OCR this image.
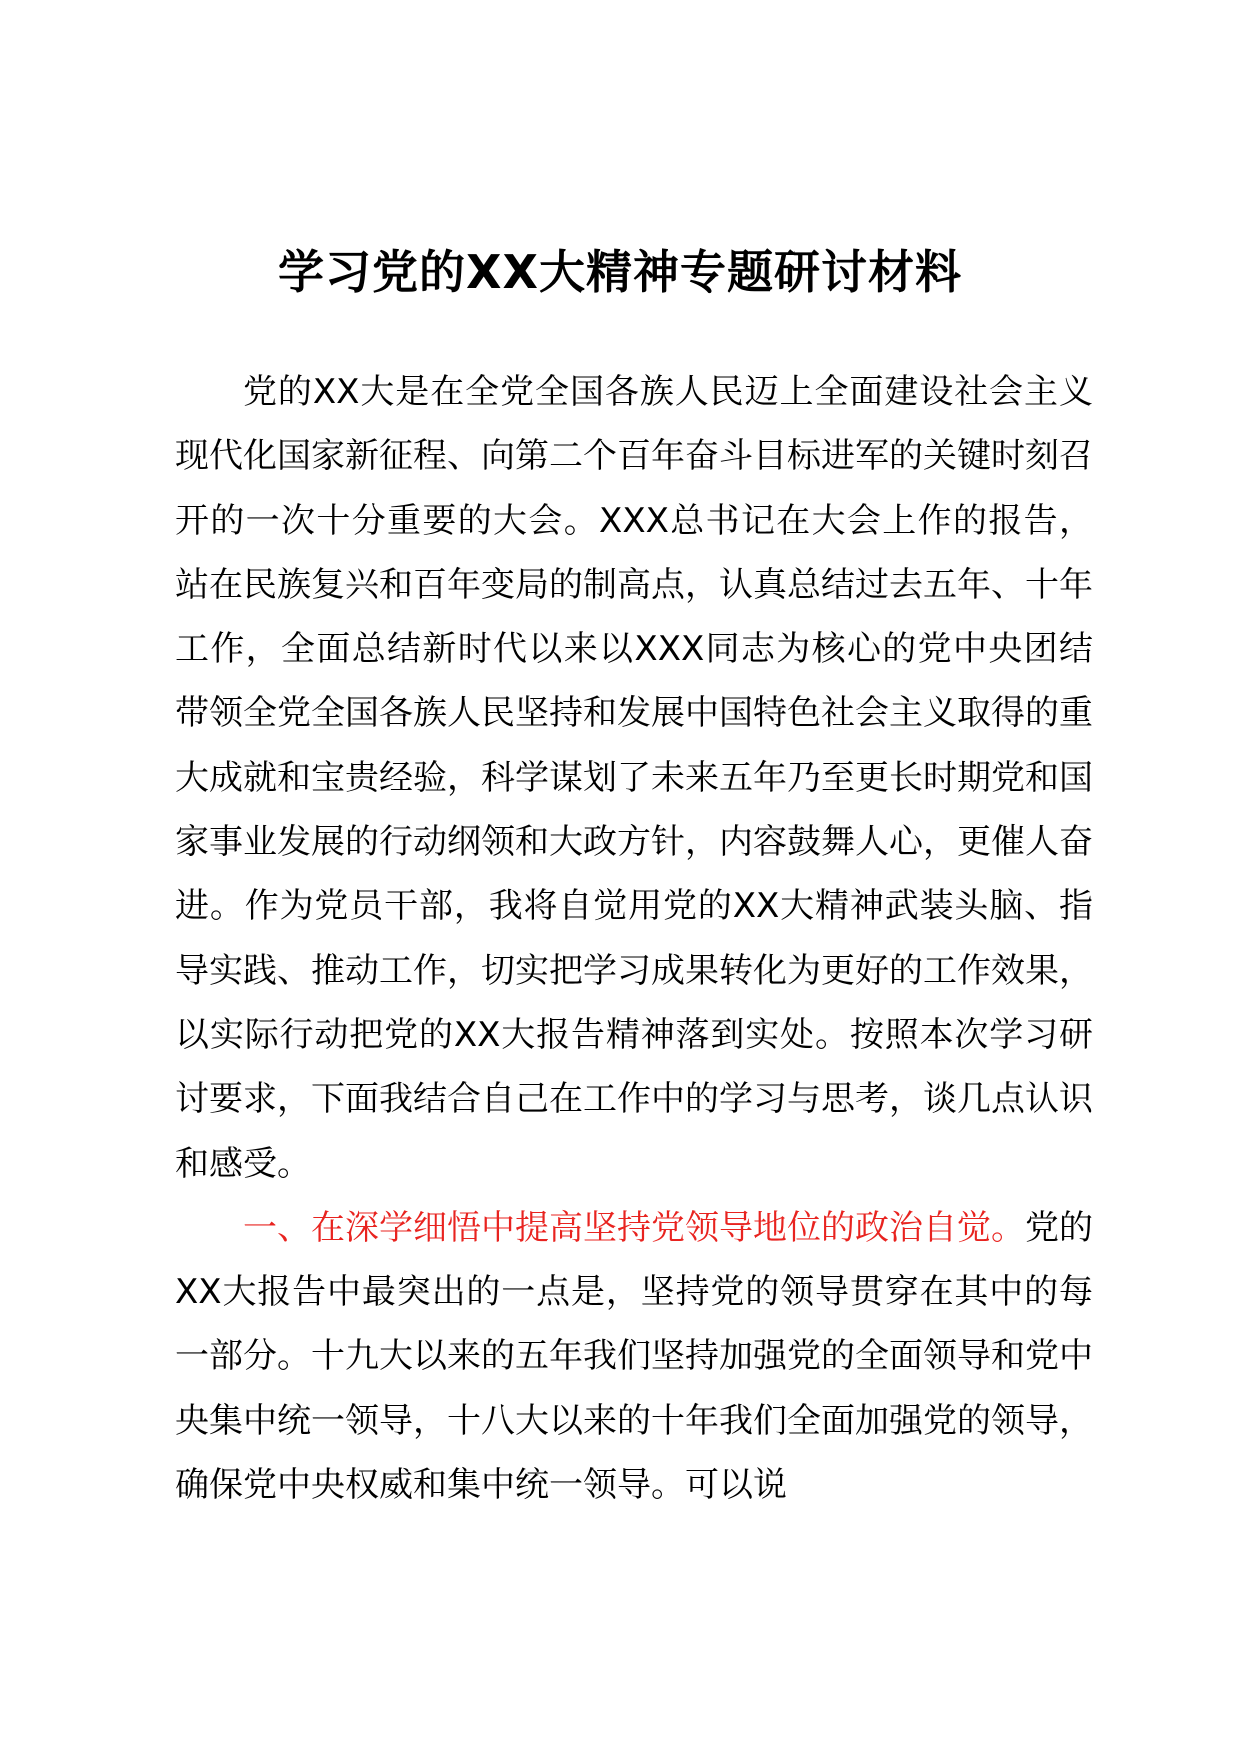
学习党的XX大精神专题研讨材料

党的XX大是在全党全国各族人民迈上全面建设社会主义现代化国家新征程、向第二个百年奋斗目标进军的关键时刻召开的一次十分重要的大会。XXX总书记在大会上作的报告，站在民族复兴和百年变局的制高点，认真总结过去五年、十年工作，全面总结新时代以来以XXX同志为核心的党中央团结带领全党全国各族人民坚持和发展中国特色社会主义取得的重大成就和宝贵经验，科学谋划了未来五年乃至更长时期党和国家事业发展的行动纲领和大政方针，内容鼓舞人心，更催人奋进。作为党员干部，我将自觉用党的XX大精神武装头脑、指导实践、推动工作，切实把学习成果转化为更好的工作效果，以实际行动把党的XX大报告精神落到实处。按照本次学习研讨要求，下面我结合自己在工作中的学习与思考，谈几点认识和感受。

一、在深学细悟中提高坚持党领导地位的政治自觉。党的XX大报告中最突出的一点是，坚持党的领导贯穿在其中的每一部分。十九大以来的五年我们坚持加强党的全面领导和党中央集中统一领导，十八大以来的十年我们全面加强党的领导，确保党中央权威和集中统一领导。可以说
